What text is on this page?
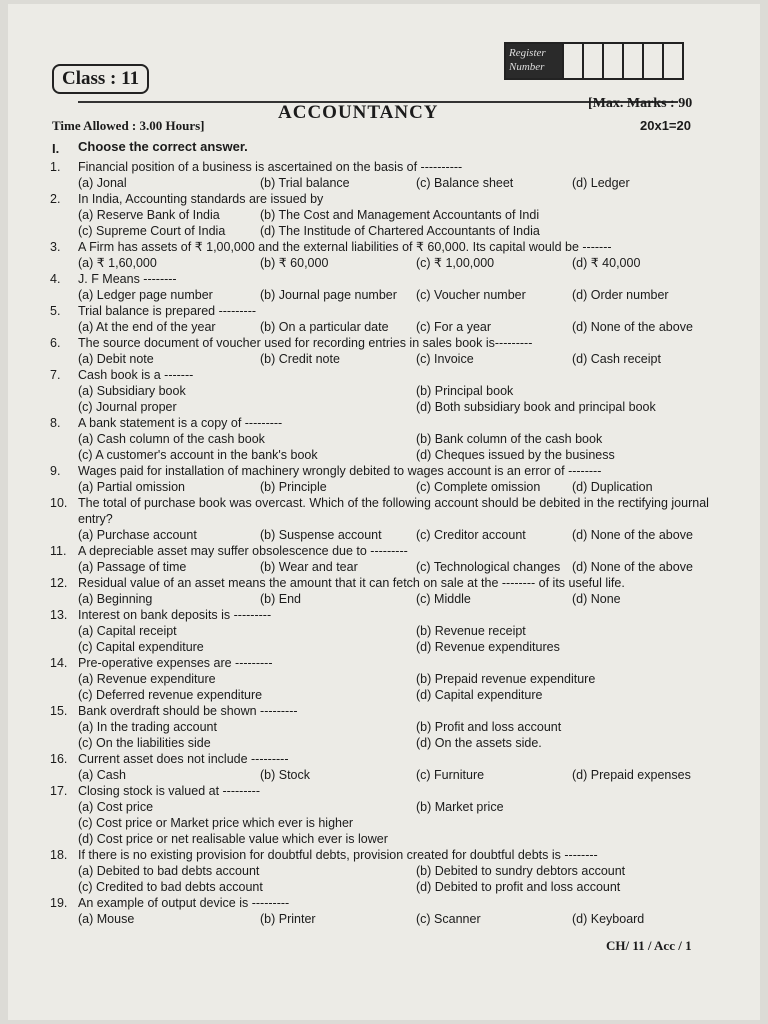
Register Number
Class : 11
ACCOUNTANCY	[Max. Marks : 90
Time Allowed : 3.00 Hours]	20x1=20
I. Choose the correct answer.
1.	Financial position of a business is ascertained on the basis of ----------
(a) Jonal	(b) Trial balance	(c) Balance sheet	(d) Ledger
2.	In India, Accounting standards are issued by
(a) Reserve Bank of India	(b) The Cost and Management Accountants of Indi
(c) Supreme Court of India	(d) The Institude of Chartered Accountants of India
3.	A Firm has assets of ₹ 1,00,000 and the external liabilities of ₹ 60,000. Its capital would be -------
(a) ₹ 1,60,000	(b) ₹ 60,000	(c) ₹ 1,00,000	(d) ₹ 40,000
4.	J. F Means --------
(a) Ledger page number	(b) Journal page number	(c) Voucher number	(d) Order number
5.	Trial balance is prepared ---------
(a) At the end of the year	(b) On a particular date	(c) For a year	(d) None of the above
6.	The source document of voucher used for recording entries in sales book is---------
(a) Debit note	(b) Credit note	(c) Invoice	(d) Cash receipt
7.	Cash book is a -------
(a) Subsidiary book	(b) Principal book
(c) Journal proper	(d) Both subsidiary book and principal book
8.	A bank statement is a copy of ---------
(a) Cash column of the cash book	(b) Bank column of the cash book
(c) A customer's account in the bank's book	(d) Cheques issued by the business
9.	Wages paid for installation of machinery wrongly debited to wages account is an error of --------
(a) Partial omission	(b) Principle	(c) Complete omission	(d) Duplication
10. The total of purchase book was overcast. Which of the following account should be debited in the rectifying journal entry?
(a) Purchase account	(b) Suspense account	(c) Creditor account	(d) None of the above
11. A depreciable asset may suffer obsolescence due to ---------
(a) Passage of time	(b) Wear and tear	(c) Technological changes (d) None of the above
12. Residual value of an asset means the amount that it can fetch on sale at the -------- of its useful life.
(a) Beginning	(b) End	(c) Middle	(d) None
13. Interest on bank deposits is ---------
(a) Capital receipt	(b) Revenue receipt
(c) Capital expenditure	(d) Revenue expenditures
14. Pre-operative expenses are ---------
(a) Revenue expenditure	(b) Prepaid revenue expenditure
(c) Deferred revenue expenditure	(d) Capital expenditure
15. Bank overdraft should be shown ---------
(a) In the trading account	(b) Profit and loss account
(c) On the liabilities side	(d) On the assets side.
16. Current asset does not include ---------
(a) Cash	(b) Stock	(c) Furniture	(d) Prepaid expenses
17. Closing stock is valued at ---------
(a) Cost price	(b) Market price
(c) Cost price or Market price which ever is higher
(d) Cost price or net realisable value which ever is lower
18. If there is no existing provision for doubtful debts, provision created for doubtful debts is --------
(a) Debited to bad debts account	(b) Debited to sundry debtors account
(c) Credited to bad debts account	(d) Debited to profit and loss account
19. An example of output device is ---------
(a) Mouse	(b) Printer	(c) Scanner	(d) Keyboard
CH/ 11 / Acc / 1
